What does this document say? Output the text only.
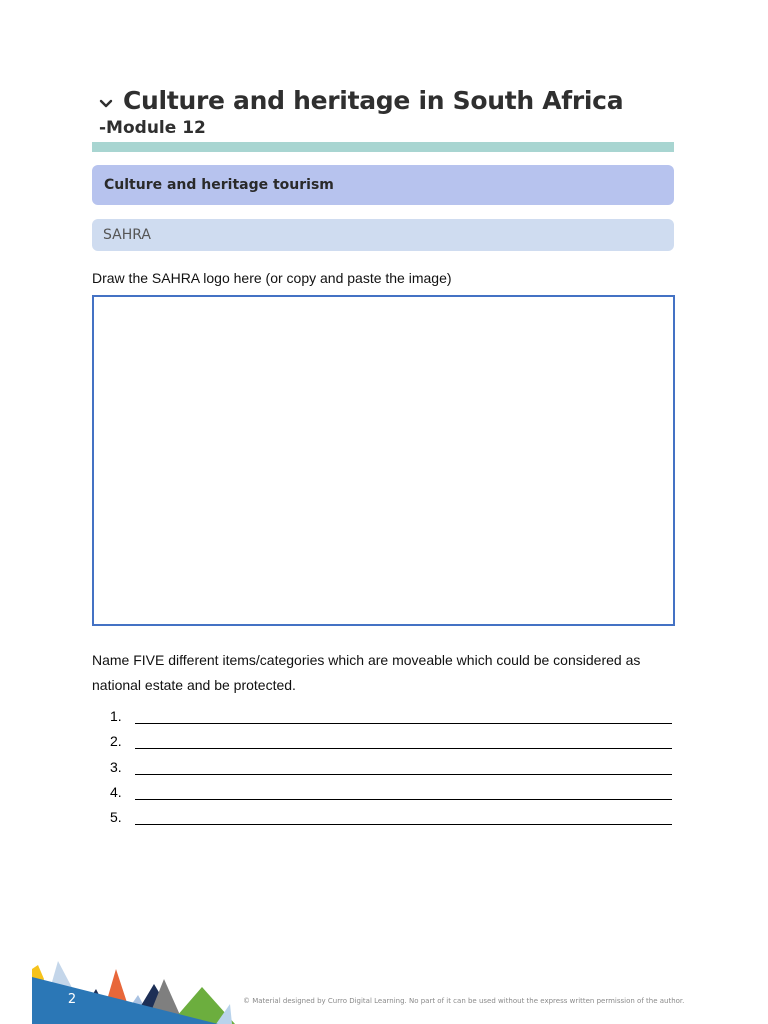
Culture and heritage in South Africa
-Module 12
Culture and heritage tourism
SAHRA
Draw the SAHRA logo here (or copy and paste the image)
Name FIVE different items/categories which are moveable which could be considered as national estate and be protected.
1.
2.
3.
4.
5.
2	© Material designed by Curro Digital Learning. No part of it can be used without the express written permission of the author.
